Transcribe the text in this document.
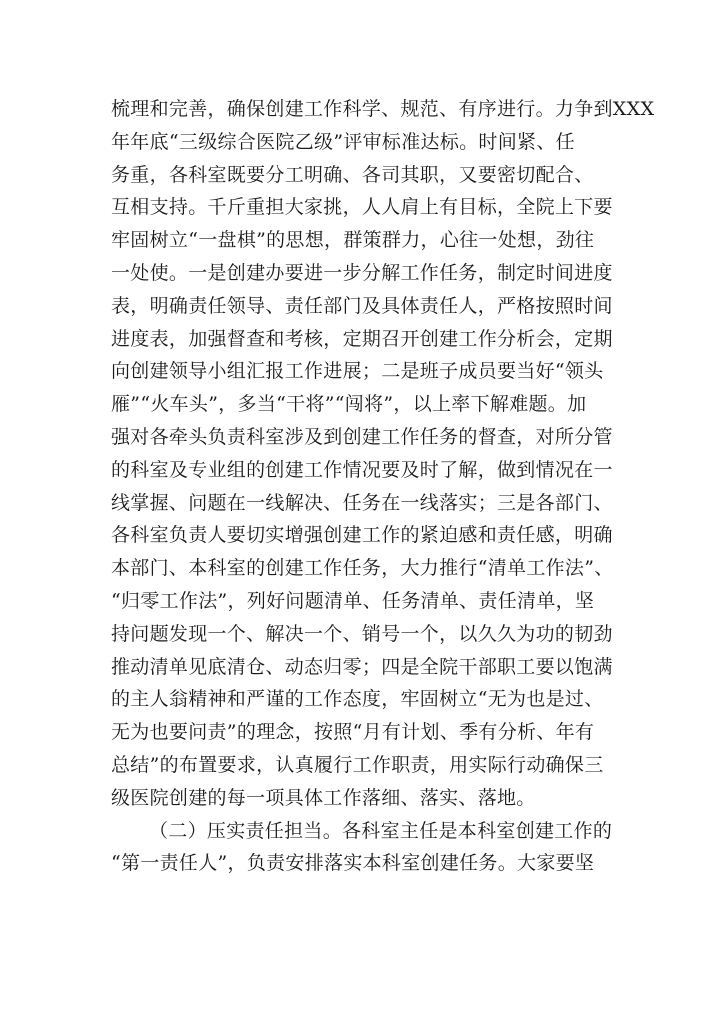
梳理和完善，确保创建工作科学、规范、有序进行。力争到XXX
年年底“三级综合医院乙级”评审标准达标。时间紧、任
务重，各科室既要分工明确、各司其职，又要密切配合、
互相支持。千斤重担大家挑，人人肩上有目标，全院上下要
牢固树立“一盘棋”的思想，群策群力，心往一处想，劲往
一处使。一是创建办要进一步分解工作任务，制定时间进度
表，明确责任领导、责任部门及具体责任人，严格按照时间
进度表，加强督查和考核，定期召开创建工作分析会，定期
向创建领导小组汇报工作进展；二是班子成员要当好“领头
雁”“火车头”，多当“干将”“闯将”，以上率下解难题。加
强对各牵头负责科室涉及到创建工作任务的督查，对所分管
的科室及专业组的创建工作情况要及时了解，做到情况在一
线掌握、问题在一线解决、任务在一线落实；三是各部门、
各科室负责人要切实增强创建工作的紧迫感和责任感，明确
本部门、本科室的创建工作任务，大力推行“清单工作法”、
“归零工作法”，列好问题清单、任务清单、责任清单，坚
持问题发现一个、解决一个、销号一个，以久久为功的韧劲
推动清单见底清仓、动态归零；四是全院干部职工要以饱满
的主人翁精神和严谨的工作态度，牢固树立“无为也是过、
无为也要问责”的理念，按照“月有计划、季有分析、年有
总结”的布置要求，认真履行工作职责，用实际行动确保三
级医院创建的每一项具体工作落细、落实、落地。
（二）压实责任担当。各科室主任是本科室创建工作的
“第一责任人”，负责安排落实本科室创建任务。大家要坚
